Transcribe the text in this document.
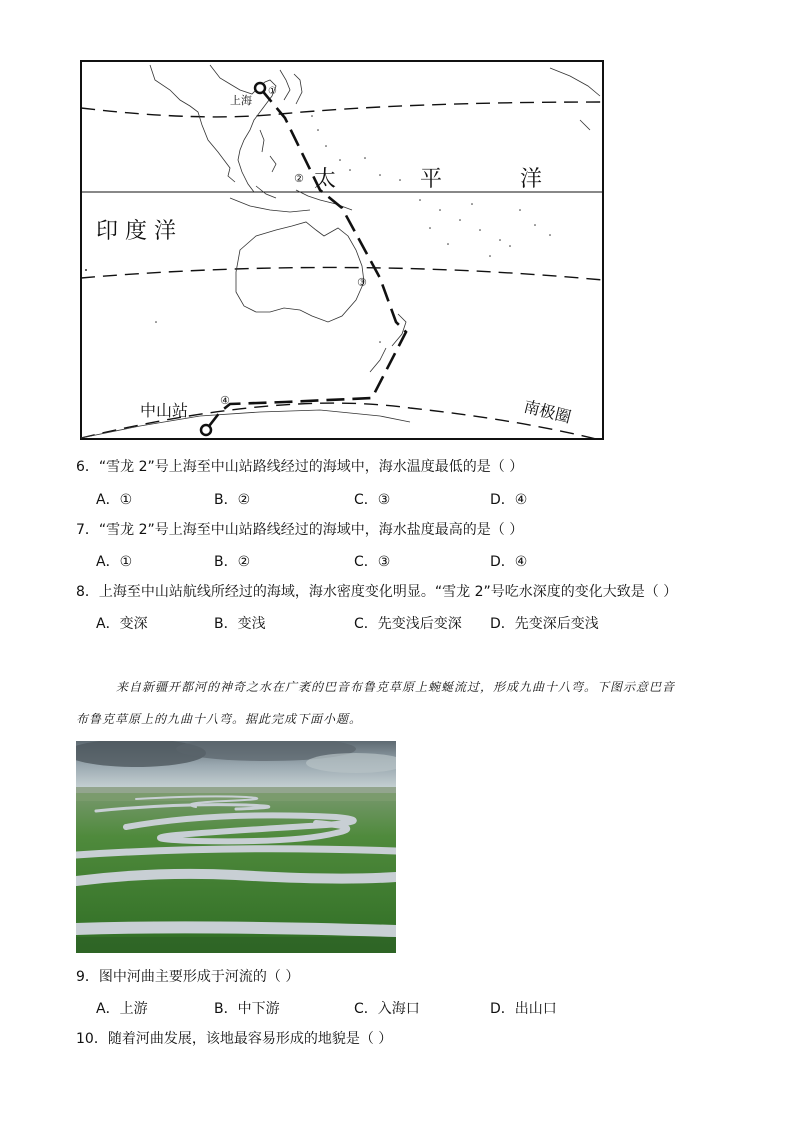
上海
①
② 太	平	洋
印 度 洋
③
④
中山站	南极圈
6．“雪龙 2”号上海至中山站路线经过的海域中，海水温度最低的是（ ）
A．①	B．②	C．③	D．④
7．“雪龙 2”号上海至中山站路线经过的海域中，海水盐度最高的是（ ）
A．①	B．②	C．③	D．④
8．上海至中山站航线所经过的海域，海水密度变化明显。“雪龙 2”号吃水深度的变化大致是（ ）
A．变深	B．变浅	C．先变浅后变深 D．先变深后变浅
来自新疆开都河的神奇之水在广袤的巴音布鲁克草原上蜿蜒流过，形成九曲十八弯。下图示意巴音
布鲁克草原上的九曲十八弯。据此完成下面小题。
9．图中河曲主要形成于河流的（ ）
A．上游	B．中下游	C．入海口	D．出山口
10．随着河曲发展，该地最容易形成的地貌是（ ）
